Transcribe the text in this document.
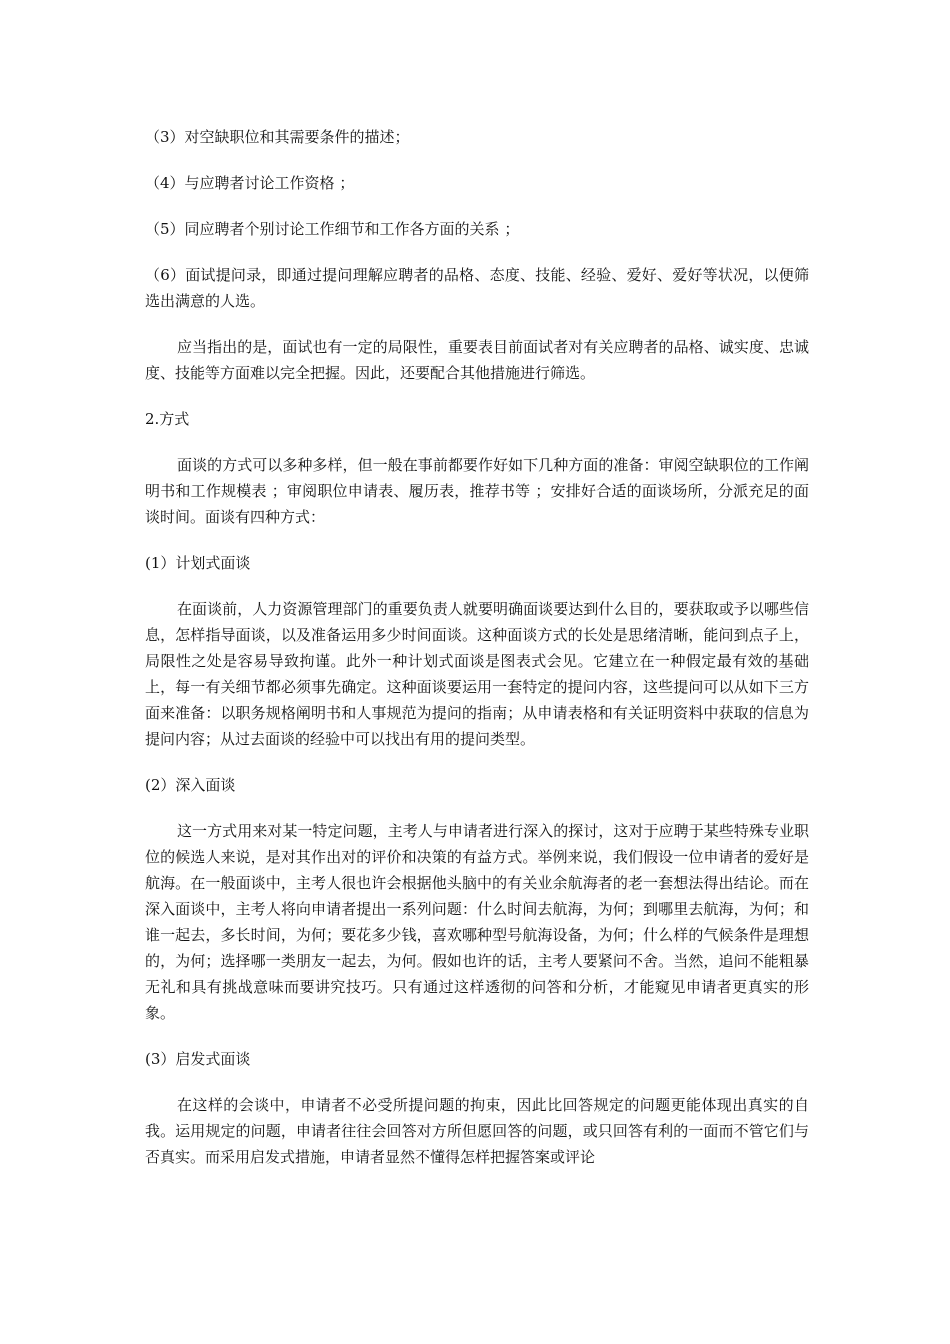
（3）对空缺职位和其需要条件的描述；

（4）与应聘者讨论工作资格 ；

（5）同应聘者个别讨论工作细节和工作各方面的关系 ；

（6）面试提问录，即通过提问理解应聘者的品格、态度、技能、经验、爱好、爱好等状况，以便筛选出满意的人选。

应当指出的是，面试也有一定的局限性，重要表目前面试者对有关应聘者的品格、诚实度、忠诚度、技能等方面难以完全把握。因此，还要配合其他措施进行筛选。

2.方式

面谈的方式可以多种多样，但一般在事前都要作好如下几种方面的准备：审阅空缺职位的工作阐明书和工作规模表 ；审阅职位申请表、履历表，推荐书等 ；安排好合适的面谈场所，分派充足的面谈时间。面谈有四种方式：

(1）计划式面谈

在面谈前，人力资源管理部门的重要负责人就要明确面谈要达到什么目的，要获取或予以哪些信息，怎样指导面谈，以及准备运用多少时间面谈。这种面谈方式的长处是思绪清晰，能问到点子上，局限性之处是容易导致拘谨。此外一种计划式面谈是图表式会见。它建立在一种假定最有效的基础上，每一有关细节都必须事先确定。这种面谈要运用一套特定的提问内容，这些提问可以从如下三方面来准备：以职务规格阐明书和人事规范为提问的指南；从申请表格和有关证明资料中获取的信息为提问内容；从过去面谈的经验中可以找出有用的提问类型。

(2）深入面谈

这一方式用来对某一特定问题，主考人与申请者进行深入的探讨，这对于应聘于某些特殊专业职位的候选人来说，是对其作出对的评价和决策的有益方式。举例来说，我们假设一位申请者的爱好是航海。在一般面谈中，主考人很也许会根据他头脑中的有关业余航海者的老一套想法得出结论。而在深入面谈中，主考人将向申请者提出一系列问题：什么时间去航海，为何；到哪里去航海，为何；和谁一起去，多长时间，为何；要花多少钱，喜欢哪种型号航海设备，为何；什么样的气候条件是理想的，为何；选择哪一类朋友一起去，为何。假如也许的话，主考人要紧问不舍。当然，追问不能粗暴无礼和具有挑战意味而要讲究技巧。只有通过这样透彻的问答和分析，才能窥见申请者更真实的形象。

(3）启发式面谈

在这样的会谈中，申请者不必受所提问题的拘束，因此比回答规定的问题更能体现出真实的自我。运用规定的问题，申请者往往会回答对方所但愿回答的问题，或只回答有利的一面而不管它们与否真实。而采用启发式措施，申请者显然不懂得怎样把握答案或评论
